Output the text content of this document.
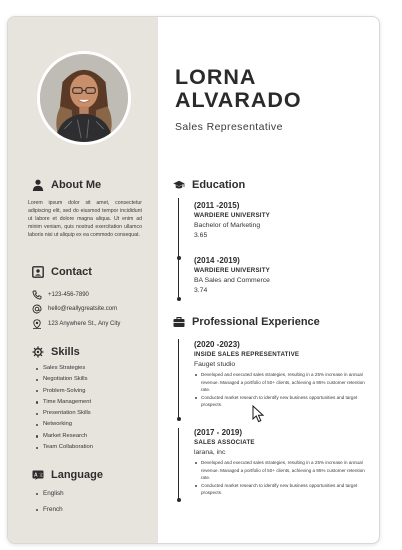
About Me

Lorem ipsum dolor sit amet, consectetur adipiscing elit, sed do eiusmod tempor incididunt ut labore et dolore magna aliqua. Ut enim ad minim veniam, quis nostrud exercitation ullamco laboris nisi ut aliquip ex ea commodo consequat.

Contact
+123-456-7890
hello@reallygreatsite.com
123 Anywhere St., Any City
Skills
Sales Strategies
Negotiation Skills
Problem-Solving
Time Management
Presentation Skills
Networking
Market Research
Team Collaboration
A 文 Language
English
French
LORNA
ALVARADO
Sales Representative
Education
(2011 -2015)
WARDIERE UNIVERSITY
Bachelor of Marketing
3.65
(2014 -2019)
WARDIERE UNIVERSITY
BA Sales and Commerce
3.74
Professional Experience
(2020 -2023)
INSIDE SALES REPRESENTATIVE
Fauget studio
Developed and executed sales strategies, resulting in a 25% increase in annual revenue. Managed a portfolio of 50+ clients, achieving a 95% customer retention rate.
Conducted market research to identify new business opportunities and target prospects.
(2017 - 2019)
SALES ASSOCIATE
larana, inc
Developed and executed sales strategies, resulting in a 25% increase in annual revenue. Managed a portfolio of 50+ clients, achieving a 95% customer retention rate.
Conducted market research to identify new business opportunities and target prospects.
